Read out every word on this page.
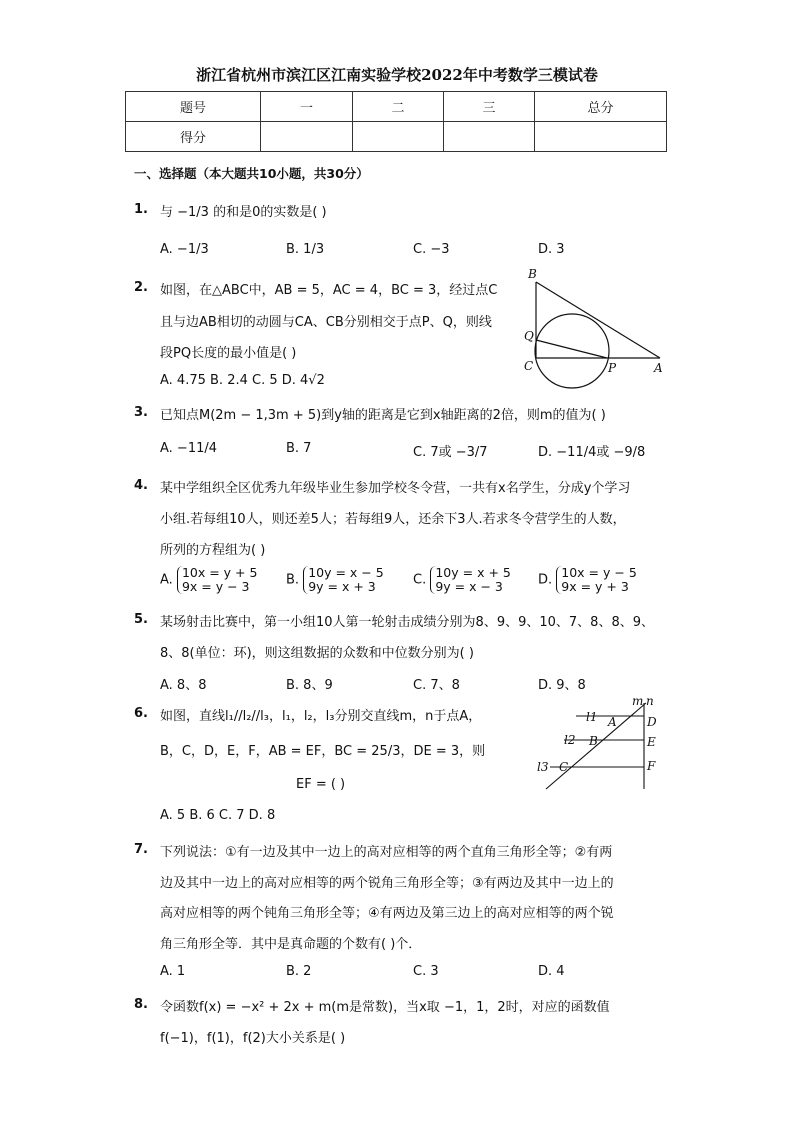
浙江省杭州市滨江区江南实验学校2022年中考数学三模试卷
题号	一	二	三	总分
得分				
一、选择题（本大题共10小题，共30分）
1. 与 −1/3 的和是0的实数是( )
A. −1/3	B. 1/3	C. −3	D. 3
2. 如图，在△ABC中，AB = 5，AC = 4，BC = 3，经过点C
且与边AB相切的动圆与CA、CB分别相交于点P、Q，则线
段PQ长度的最小值是( )
A. 4.75 B. 2.4 C. 5 D. 4√2
B
Q
C	P	A
3. 已知点M(2m − 1,3m + 5)到y轴的距离是它到x轴距离的2倍，则m的值为( )
A. −11/4	B. 7	C. 7或 −3/7	D. −11/4或 −9/8
4. 某中学组织全区优秀九年级毕业生参加学校冬令营，一共有x名学生，分成y个学习
小组.若每组10人，则还差5人；若每组9人，还余下3人.若求冬令营学生的人数，
所列的方程组为( )
A. 10x = y + 5
9x = y − 3	B. 10y = x − 5
9y = x + 3	C. 10y = x + 5
9y = x − 3	D. 10x = y − 5
9x = y + 3
5. 某场射击比赛中，第一小组10人第一轮射击成绩分别为8、9、9、10、7、8、8、9、
8、8(单位：环)，则这组数据的众数和中位数分别为( )
A. 8、8	B. 8、9	C. 7、8	D. 9、8
6. 如图，直线l₁//l₂//l₃，l₁，l₂，l₃分别交直线m，n于点A，
B，C，D，E，F，AB = EF，BC = 25/3，DE = 3，则
EF = ( )
A. 5 B. 6 C. 7 D. 8
m n
l1
l2
l3
A
B
C
D
E
F
7. 下列说法：①有一边及其中一边上的高对应相等的两个直角三角形全等；②有两
边及其中一边上的高对应相等的两个锐角三角形全等；③有两边及其中一边上的
高对应相等的两个钝角三角形全等；④有两边及第三边上的高对应相等的两个锐
角三角形全等．其中是真命题的个数有( )个．
A. 1	B. 2	C. 3	D. 4
8. 令函数f(x) = −x² + 2x + m(m是常数)，当x取 −1，1，2时，对应的函数值
f(−1)，f(1)，f(2)大小关系是( )
